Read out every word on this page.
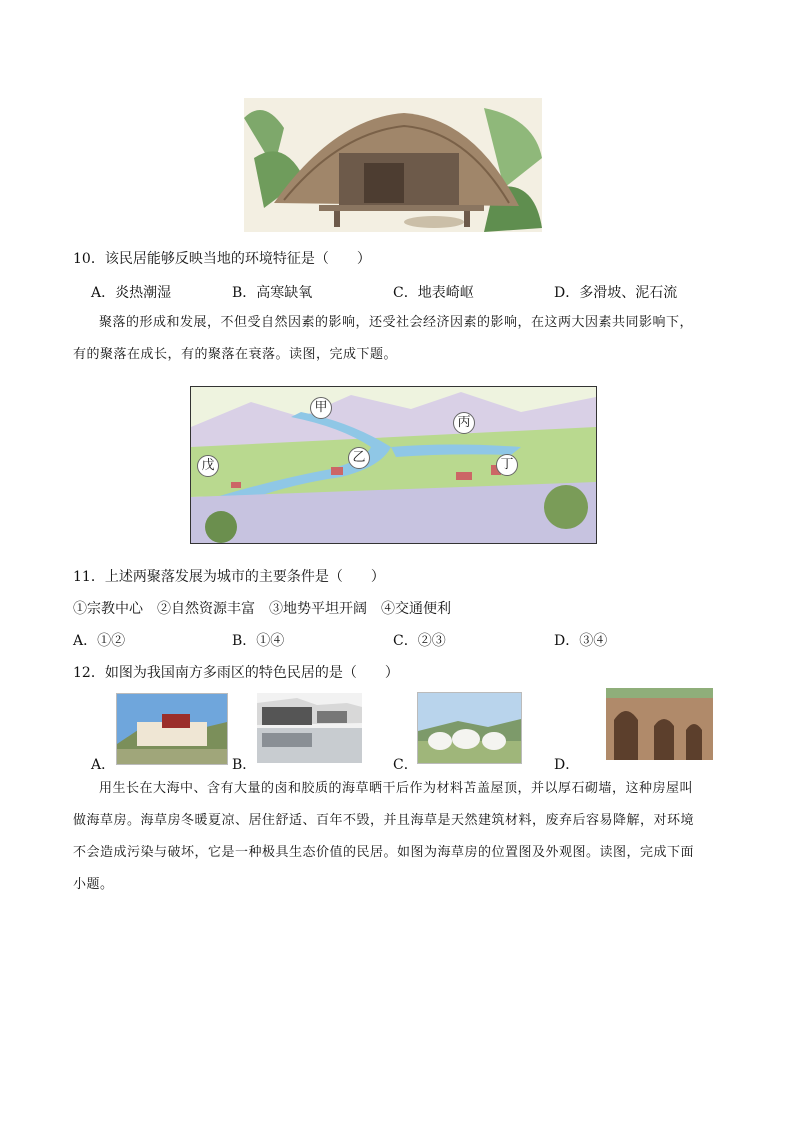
10．该民居能够反映当地的环境特征是（　　）
A．炎热潮湿	B．高寒缺氧	C．地表崎岖	D．多滑坡、泥石流
聚落的形成和发展，不但受自然因素的影响，还受社会经济因素的影响，在这两大因素共同影响下，
有的聚落在成长，有的聚落在衰落。读图，完成下题。
甲
乙
丙
丁
戊
11．上述两聚落发展为城市的主要条件是（　　）
①宗教中心　②自然资源丰富　③地势平坦开阔　④交通便利
A．①②	B．①④	C．②③	D．③④
12．如图为我国南方多雨区的特色民居的是（　　）
A．	B．	C．	D．
用生长在大海中、含有大量的卤和胶质的海草晒干后作为材料苫盖屋顶，并以厚石砌墙，这种房屋叫
做海草房。海草房冬暖夏凉、居住舒适、百年不毁，并且海草是天然建筑材料，废弃后容易降解，对环境
不会造成污染与破坏，它是一种极具生态价值的民居。如图为海草房的位置图及外观图。读图，完成下面
小题。
